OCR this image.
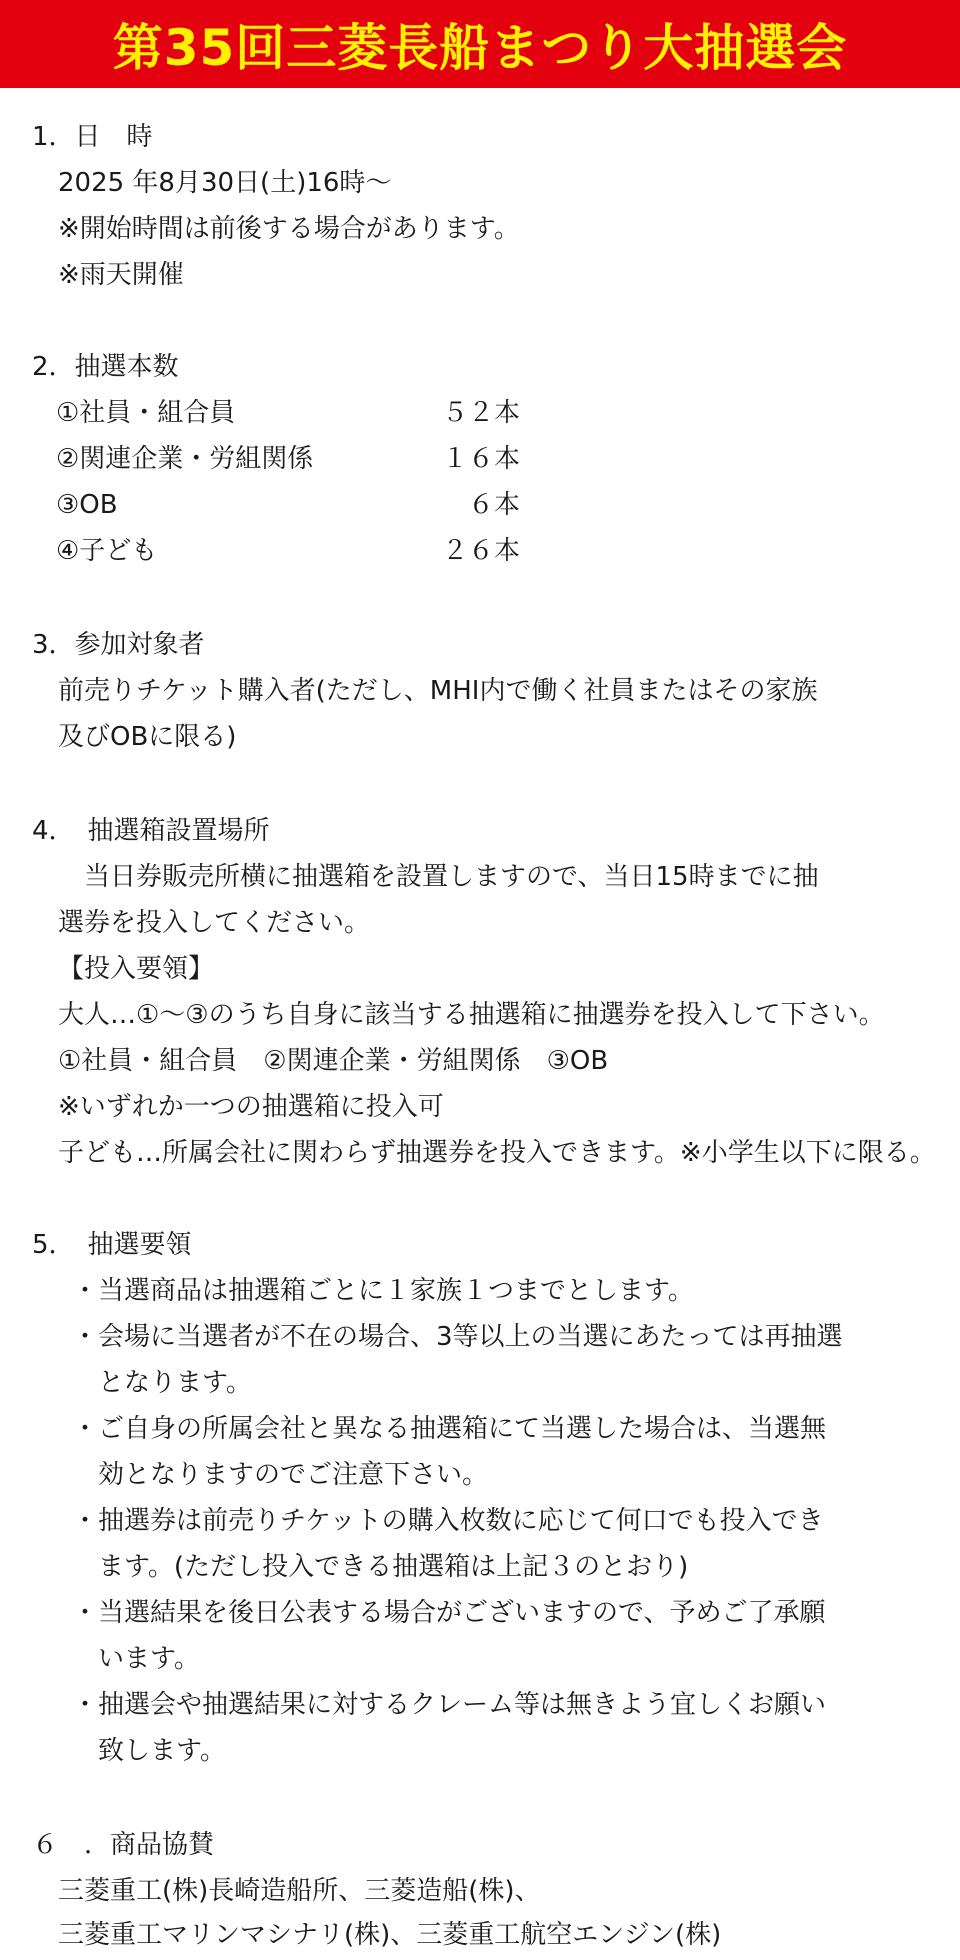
第35回三菱長船まつり大抽選会
1．日　時
2025 年8月30日(土)16時～
※開始時間は前後する場合があります。
※雨天開催
2．抽選本数
①社員・組合員	５２本
②関連企業・労組関係	１６本
③OB	６本
④子ども	２６本
3．参加対象者
前売りチケット購入者(ただし、MHI内で働く社員またはその家族
及びOBに限る)
4．　抽選箱設置場所
　当日券販売所横に抽選箱を設置しますので、当日15時までに抽
選券を投入してください。
【投入要領】
大人…①～③のうち自身に該当する抽選箱に抽選券を投入して下さい。
①社員・組合員　②関連企業・労組関係　③OB
※いずれか一つの抽選箱に投入可
子ども…所属会社に関わらず抽選券を投入できます。※小学生以下に限る。
5．　抽選要領
・当選商品は抽選箱ごとに１家族１つまでとします。
・会場に当選者が不在の場合、3等以上の当選にあたっては再抽選
　となります。
・ご自身の所属会社と異なる抽選箱にて当選した場合は、当選無
　効となりますのでご注意下さい。
・抽選券は前売りチケットの購入枚数に応じて何口でも投入でき
　ます。(ただし投入できる抽選箱は上記３のとおり)
・当選結果を後日公表する場合がございますので、予めご了承願
　います。
・抽選会や抽選結果に対するクレーム等は無きよう宜しくお願い
　致します。
６　．商品協賛
三菱重工(株)長崎造船所、三菱造船(株)、
三菱重工マリンマシナリ(株)、三菱重工航空エンジン(株)
